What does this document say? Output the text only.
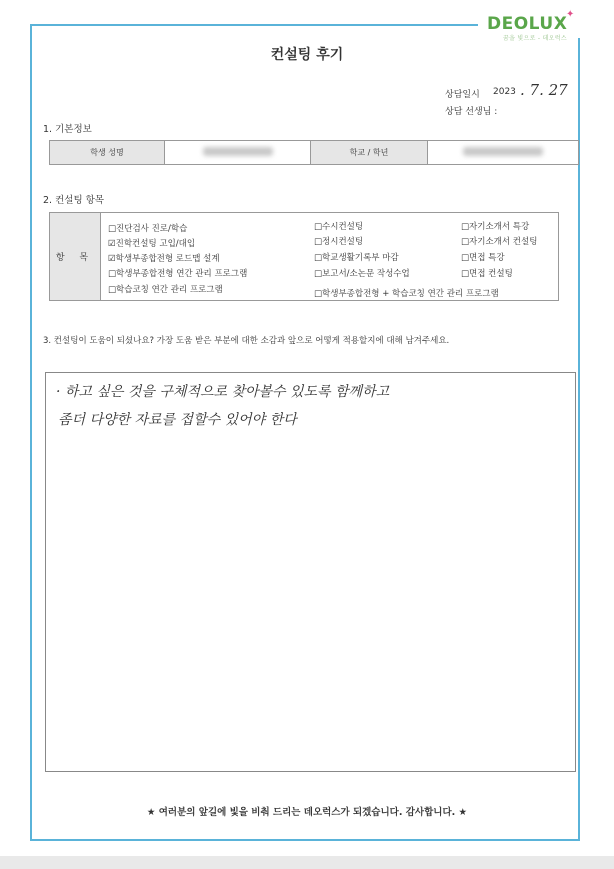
DEOLUX
✦
꿈을 빛으로 - 데오럭스
컨설팅 후기
상담일시 2023 . 7. 27
상담 선생님 :
1. 기본정보
학생 성명		학교 / 학년	
2. 컨설팅 항목
항 목
□진단검사 진로/학습
☑진학컨설팅 고입/대입
☑학생부종합전형 로드맵 설계
□학생부종합전형 연간 관리 프로그램
□학습코칭 연간 관리 프로그램
□수시컨설팅
□정시컨설팅
□학교생활기록부 마감
□보고서/소논문 작성수업
□학생부종합전형 + 학습코칭 연간 관리 프로그램
□자기소개서 특강
□자기소개서 컨설팅
□면접 특강
□면접 컨설팅
3. 컨설팅이 도움이 되셨나요? 가장 도움 받은 부분에 대한 소감과 앞으로 어떻게 적용할지에 대해 남겨주세요.
· 하고 싶은 것을 구체적으로 찾아볼수 있도록 함께하고
좀더 다양한 자료를 접할수 있어야 한다
★ 여러분의 앞길에 빛을 비춰 드리는 데오럭스가 되겠습니다. 감사합니다. ★
